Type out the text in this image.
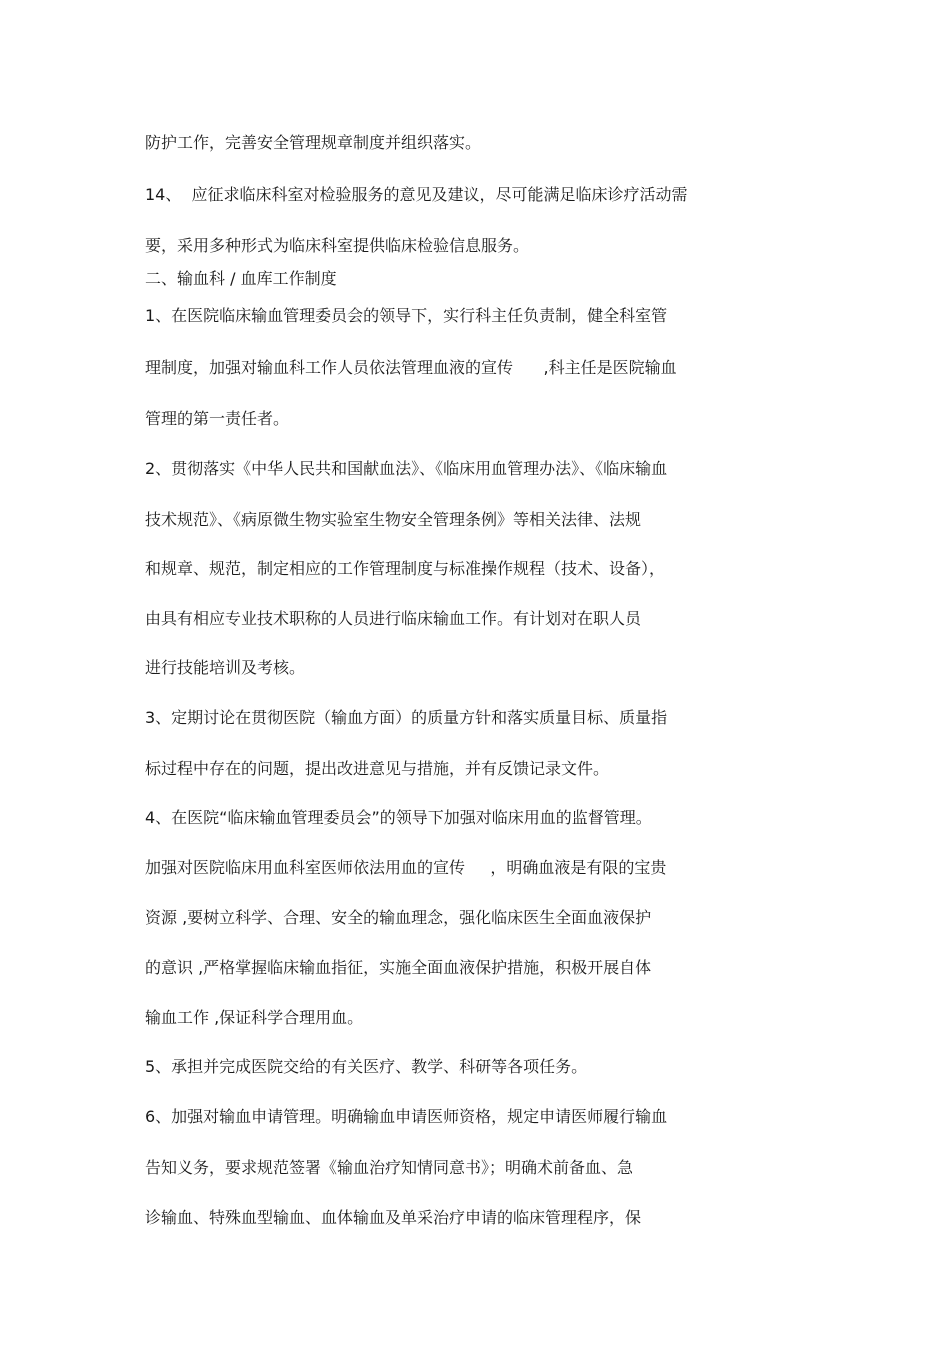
防护工作，完善安全管理规章制度并组织落实。

14、  应征求临床科室对检验服务的意见及建议，尽可能满足临床诊疗活动需

要，采用多种形式为临床科室提供临床检验信息服务。

二、输血科 / 血库工作制度

1、在医院临床输血管理委员会的领导下，实行科主任负责制，健全科室管

理制度，加强对输血科工作人员依法管理血液的宣传      ,科主任是医院输血

管理的第一责任者。

2、贯彻落实《中华人民共和国献血法》、《临床用血管理办法》、《临床输血

技术规范》、《病原微生物实验室生物安全管理条例》等相关法律、法规

和规章、规范，制定相应的工作管理制度与标准操作规程（技术、设备），

由具有相应专业技术职称的人员进行临床输血工作。有计划对在职人员

进行技能培训及考核。

3、定期讨论在贯彻医院（输血方面）的质量方针和落实质量目标、质量指

标过程中存在的问题，提出改进意见与措施，并有反馈记录文件。

4、在医院“临床输血管理委员会”的领导下加强对临床用血的监督管理。

加强对医院临床用血科室医师依法用血的宣传     ，明确血液是有限的宝贵

资源 ,要树立科学、合理、安全的输血理念，强化临床医生全面血液保护

的意识 ,严格掌握临床输血指征，实施全面血液保护措施，积极开展自体

输血工作 ,保证科学合理用血。

5、承担并完成医院交给的有关医疗、教学、科研等各项任务。

6、加强对输血申请管理。明确输血申请医师资格，规定申请医师履行输血

告知义务，要求规范签署《输血治疗知情同意书》；明确术前备血、急

诊输血、特殊血型输血、血体输血及单采治疗申请的临床管理程序，保
